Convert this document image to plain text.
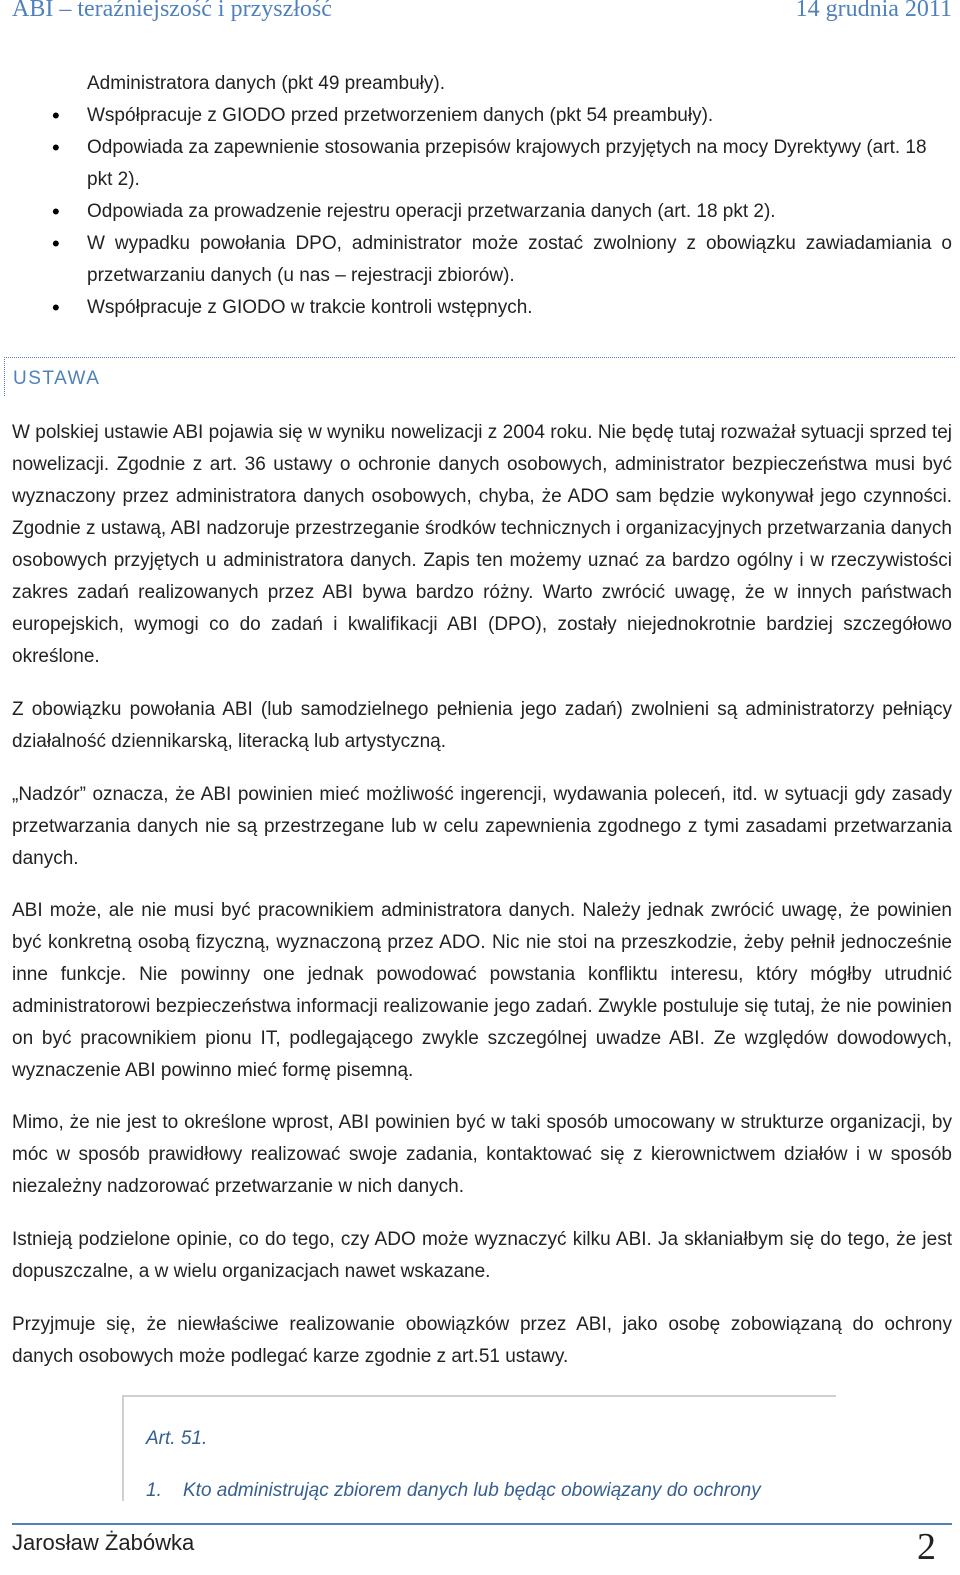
ABI – teraźniejszość i przyszłość	14 grudnia 2011
Administratora danych (pkt 49 preambuły).
• Współpracuje z GIODO przed przetworzeniem danych (pkt 54 preambuły).
• Odpowiada za zapewnienie stosowania przepisów krajowych przyjętych na mocy Dyrektywy (art. 18 pkt 2).
• Odpowiada za prowadzenie rejestru operacji przetwarzania danych (art. 18 pkt 2).
• W wypadku powołania DPO, administrator może zostać zwolniony z obowiązku zawiadamiania o przetwarzaniu danych (u nas – rejestracji zbiorów).
• Współpracuje z GIODO w trakcie kontroli wstępnych.
USTAWA

W polskiej ustawie ABI pojawia się w wyniku nowelizacji z 2004 roku. Nie będę tutaj rozważał sytuacji sprzed tej nowelizacji. Zgodnie z art. 36 ustawy o ochronie danych osobowych, administrator bezpieczeństwa musi być wyznaczony przez administratora danych osobowych, chyba, że ADO sam będzie wykonywał jego czynności. Zgodnie z ustawą, ABI nadzoruje przestrzeganie środków technicznych i organizacyjnych przetwarzania danych osobowych przyjętych u administratora danych. Zapis ten możemy uznać za bardzo ogólny i w rzeczywistości zakres zadań realizowanych przez ABI bywa bardzo różny. Warto zwrócić uwagę, że w innych państwach europejskich, wymogi co do zadań i kwalifikacji ABI (DPO), zostały niejednokrotnie bardziej szczegółowo określone.

Z obowiązku powołania ABI (lub samodzielnego pełnienia jego zadań) zwolnieni są administratorzy pełniący działalność dziennikarską, literacką lub artystyczną.

„Nadzór” oznacza, że ABI powinien mieć możliwość ingerencji, wydawania poleceń, itd. w sytuacji gdy zasady przetwarzania danych nie są przestrzegane lub w celu zapewnienia zgodnego z tymi zasadami przetwarzania danych.

ABI może, ale nie musi być pracownikiem administratora danych. Należy jednak zwrócić uwagę, że powinien być konkretną osobą fizyczną, wyznaczoną przez ADO. Nic nie stoi na przeszkodzie, żeby pełnił jednocześnie inne funkcje. Nie powinny one jednak powodować powstania konfliktu interesu, który mógłby utrudnić administratorowi bezpieczeństwa informacji realizowanie jego zadań. Zwykle postuluje się tutaj, że nie powinien on być pracownikiem pionu IT, podlegającego zwykle szczególnej uwadze ABI. Ze względów dowodowych, wyznaczenie ABI powinno mieć formę pisemną.

Mimo, że nie jest to określone wprost, ABI powinien być w taki sposób umocowany w strukturze organizacji, by móc w sposób prawidłowy realizować swoje zadania, kontaktować się z kierownictwem działów i w sposób niezależny nadzorować przetwarzanie w nich danych.

Istnieją podzielone opinie, co do tego, czy ADO może wyznaczyć kilku ABI. Ja skłaniałbym się do tego, że jest dopuszczalne, a w wielu organizacjach nawet wskazane.

Przyjmuje się, że niewłaściwe realizowanie obowiązków przez ABI, jako osobę zobowiązaną do ochrony danych osobowych może podlegać karze zgodnie z art.51 ustawy.

Art. 51.
1. Kto administrując zbiorem danych lub będąc obowiązany do ochrony
Jarosław Żabówka	2
